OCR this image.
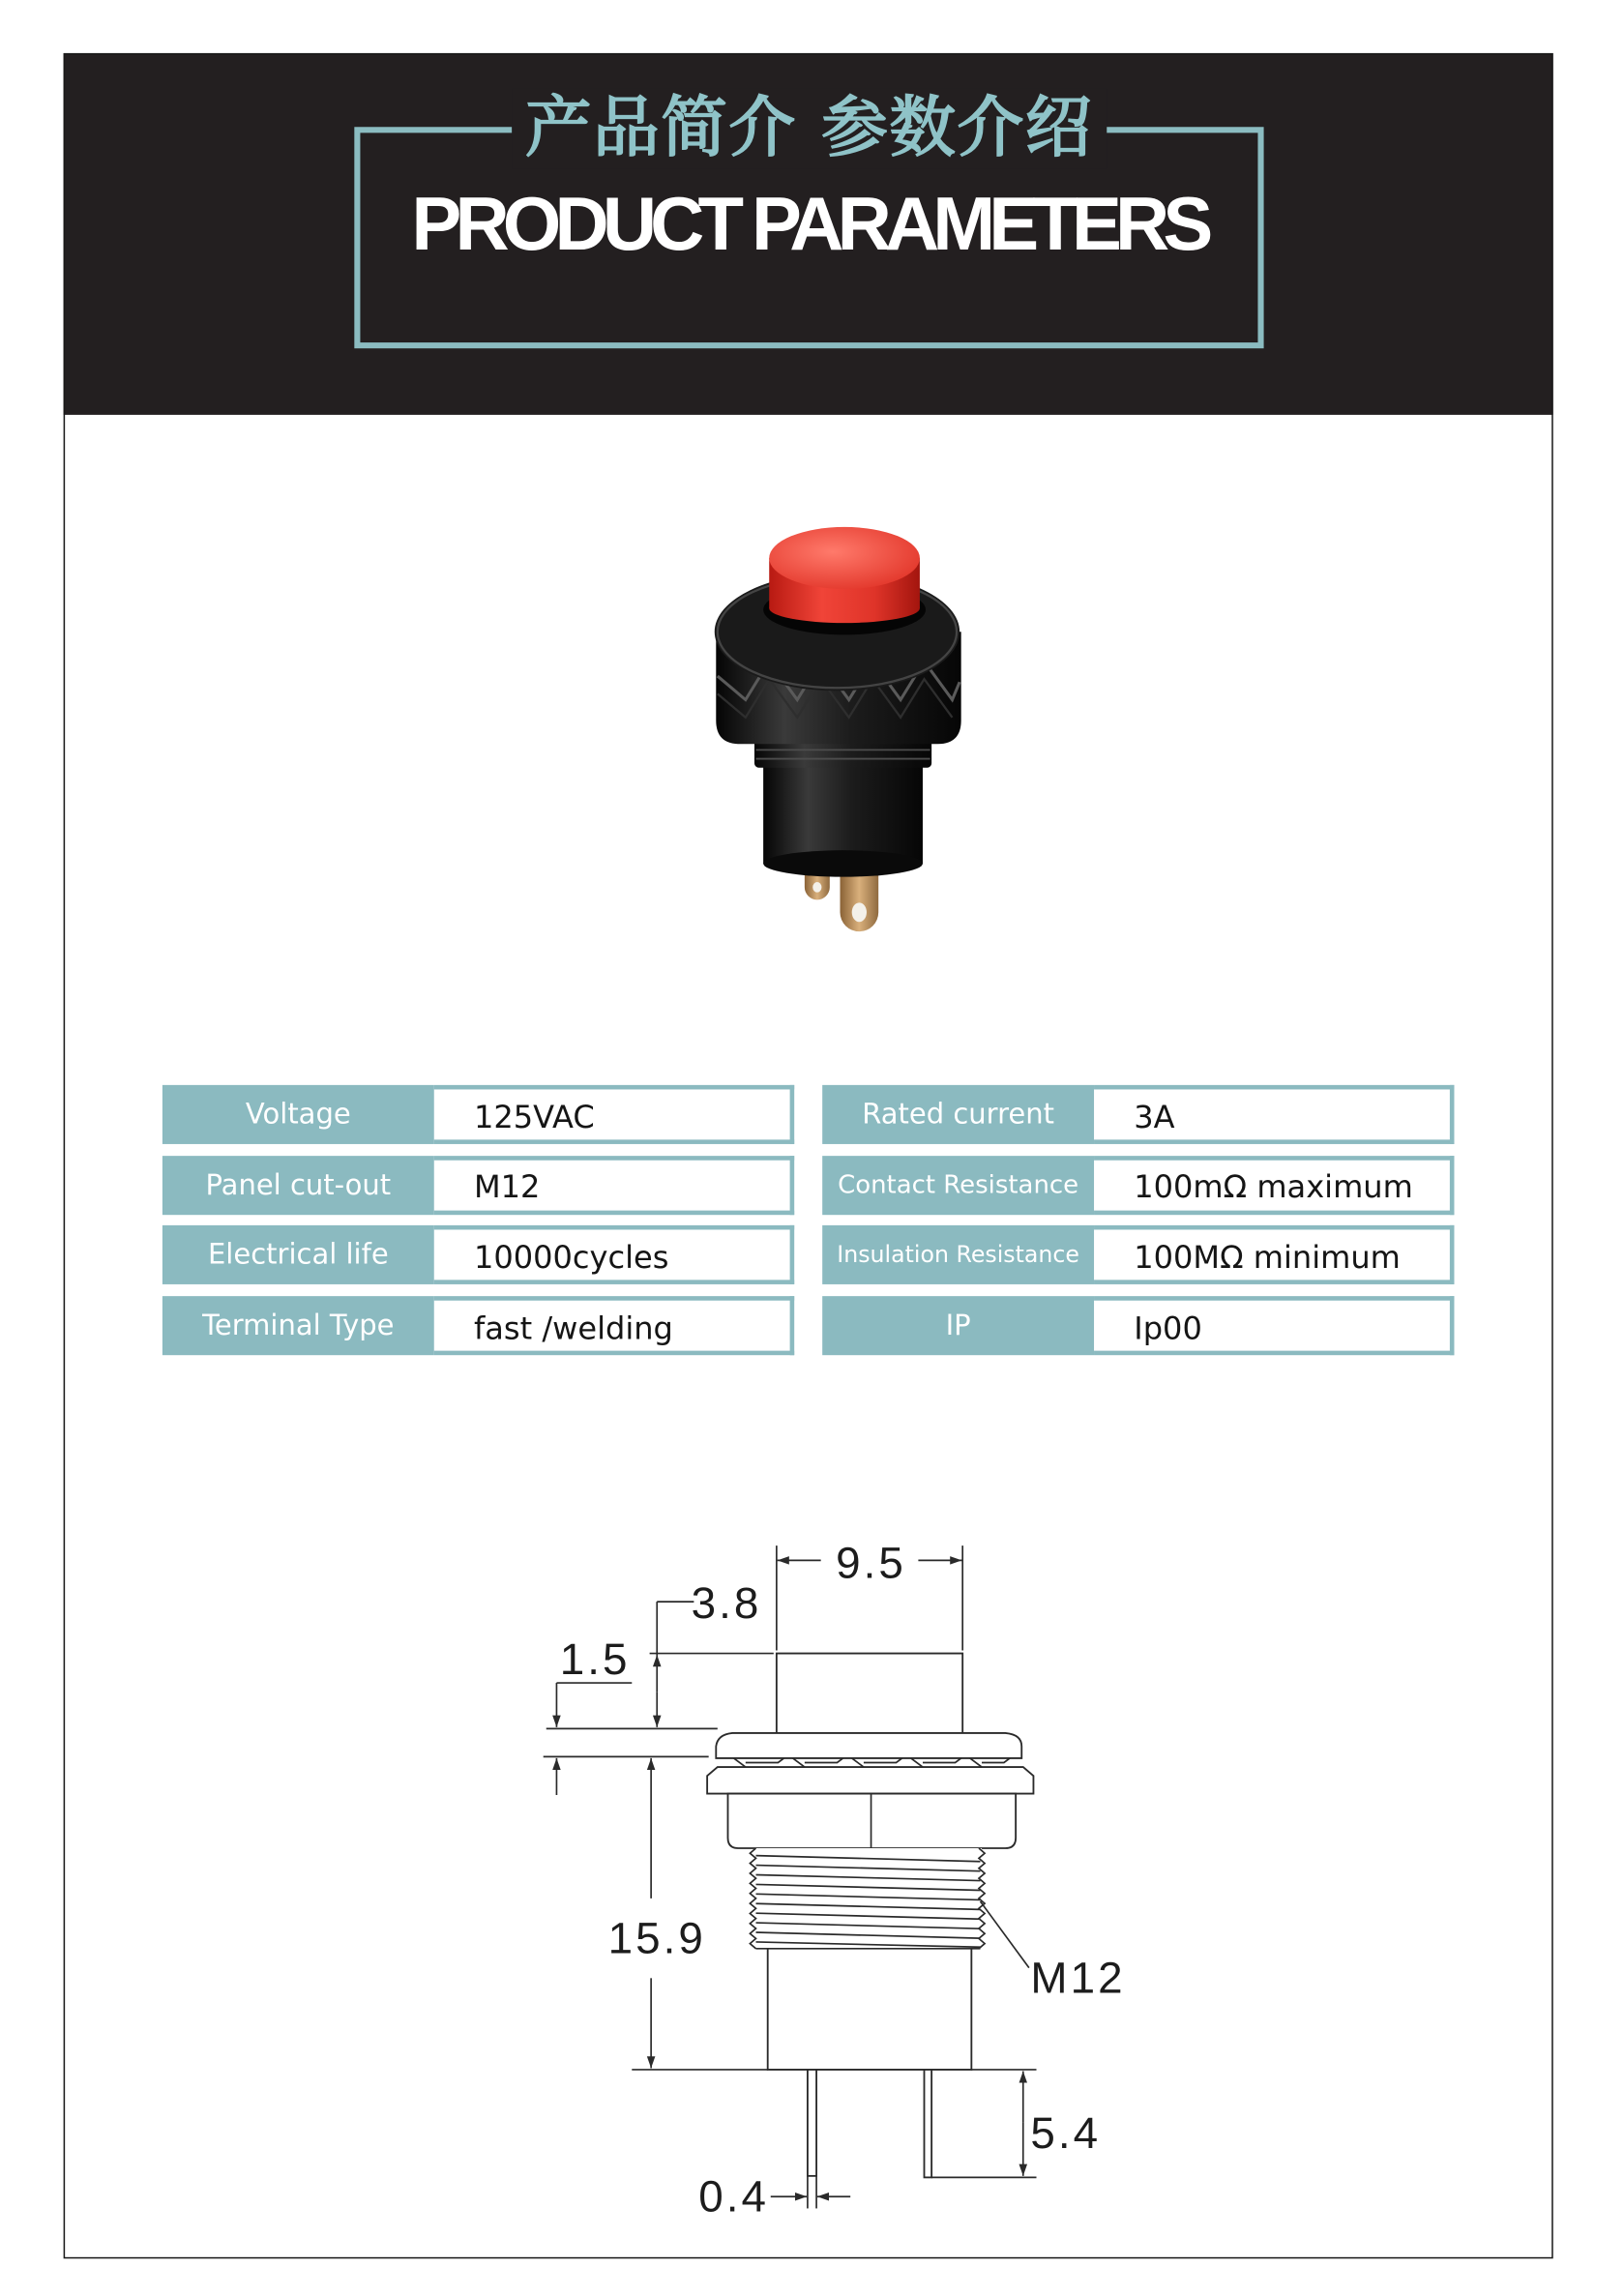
产品简介 参数介绍
PRODUCT PARAMETERS
Voltage	125VAC
Panel cut-out	M12
Electrical life	10000cycles
Terminal Type	fast /welding
Rated current	3A
Contact Resistance	100mΩ maximum
Insulation Resistance	100MΩ minimum
IP	Ip00
9.5
3.8
1.5
15.9
M12
5.4
0.4
